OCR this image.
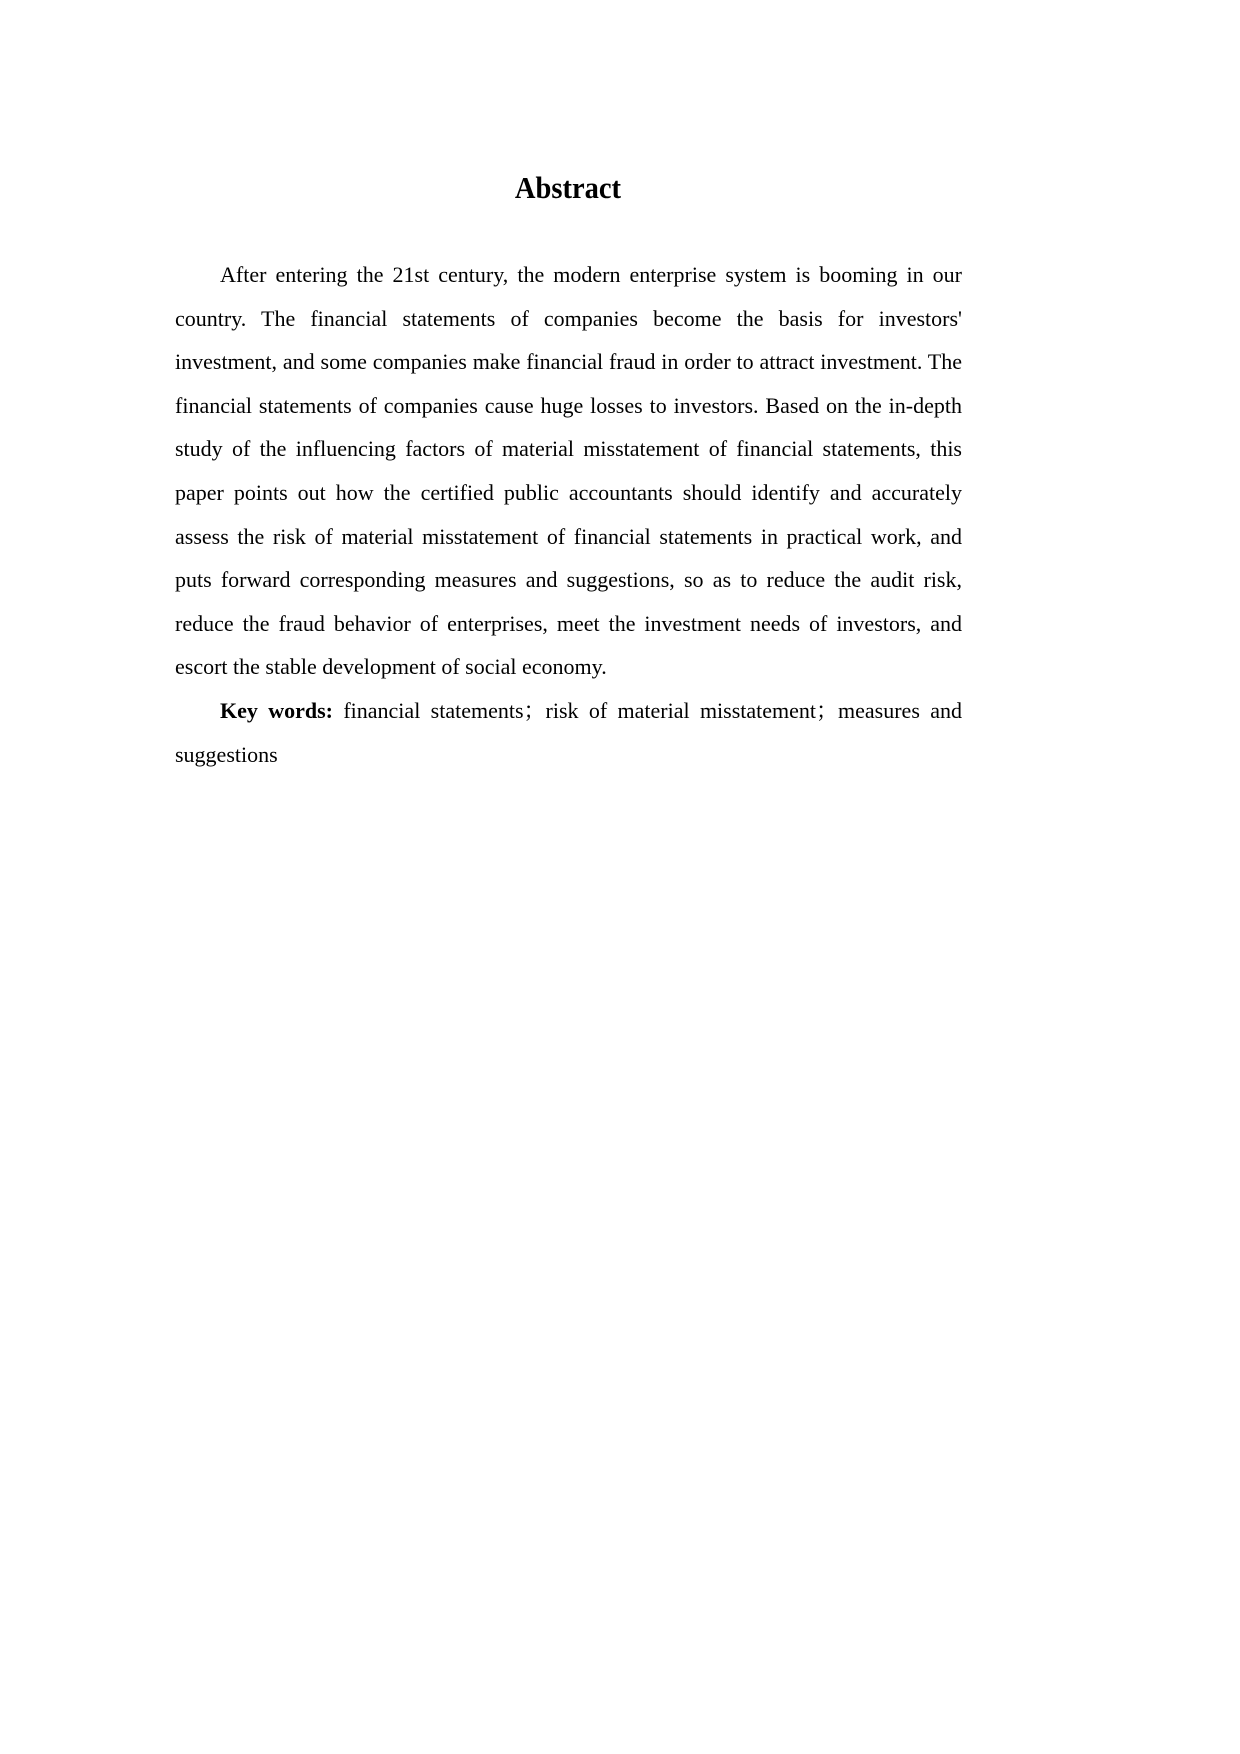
Abstract

After entering the 21st century, the modern enterprise system is booming in our country. The financial statements of companies become the basis for investors' investment, and some companies make financial fraud in order to attract investment. The financial statements of companies cause huge losses to investors. Based on the in-depth study of the influencing factors of material misstatement of financial statements, this paper points out how the certified public accountants should identify and accurately assess the risk of material misstatement of financial statements in practical work, and puts forward corresponding measures and suggestions, so as to reduce the audit risk, reduce the fraud behavior of enterprises, meet the investment needs of investors, and escort the stable development of social economy.

Key words: financial statements；risk of material misstatement；measures and suggestions
